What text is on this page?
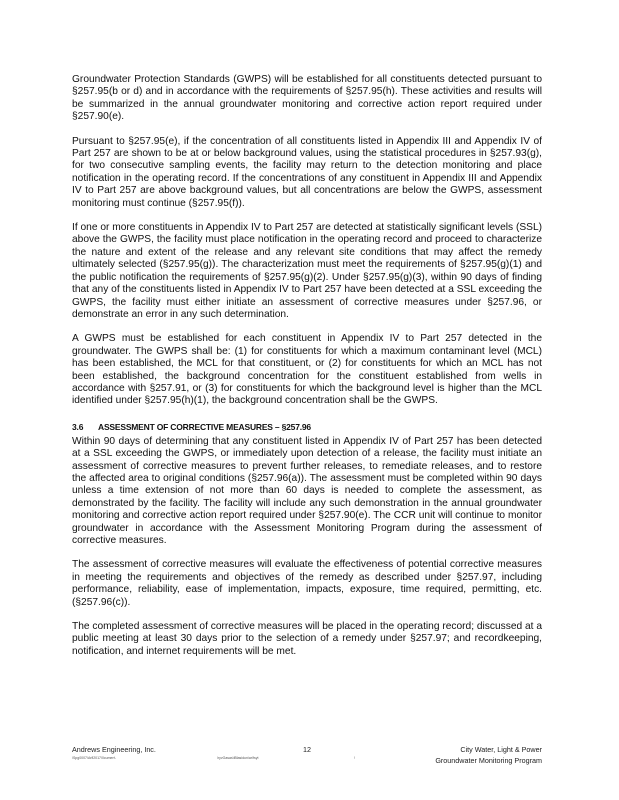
Groundwater Protection Standards (GWPS) will be established for all constituents detected pursuant to §257.95(b or d) and in accordance with the requirements of §257.95(h). These activities and results will be summarized in the annual groundwater monitoring and corrective action report required under §257.90(e).

Pursuant to §257.95(e), if the concentration of all constituents listed in Appendix III and Appendix IV of Part 257 are shown to be at or below background values, using the statistical procedures in §257.93(g), for two consecutive sampling events, the facility may return to the detection monitoring and place notification in the operating record. If the concentrations of any constituent in Appendix III and Appendix IV to Part 257 are above background values, but all concentrations are below the GWPS, assessment monitoring must continue (§257.95(f)).

If one or more constituents in Appendix IV to Part 257 are detected at statistically significant levels (SSL) above the GWPS, the facility must place notification in the operating record and proceed to characterize the nature and extent of the release and any relevant site conditions that may affect the remedy ultimately selected (§257.95(g)). The characterization must meet the requirements of §257.95(g)(1) and the public notification the requirements of §257.95(g)(2). Under §257.95(g)(3), within 90 days of finding that any of the constituents listed in Appendix IV to Part 257 have been detected at a SSL exceeding the GWPS, the facility must either initiate an assessment of corrective measures under §257.96, or demonstrate an error in any such determination.

A GWPS must be established for each constituent in Appendix IV to Part 257 detected in the groundwater. The GWPS shall be: (1) for constituents for which a maximum contaminant level (MCL) has been established, the MCL for that constituent, or (2) for constituents for which an MCL has not been established, the background concentration for the constituent established from wells in accordance with §257.91, or (3) for constituents for which the background level is higher than the MCL identified under §257.95(h)(1), the background concentration shall be the GWPS.

3.6 ASSESSMENT OF CORRECTIVE MEASURES – §257.96

Within 90 days of determining that any constituent listed in Appendix IV of Part 257 has been detected at a SSL exceeding the GWPS, or immediately upon detection of a release, the facility must initiate an assessment of corrective measures to prevent further releases, to remediate releases, and to restore the affected area to original conditions (§257.96(a)). The assessment must be completed within 90 days unless a time extension of not more than 60 days is needed to complete the assessment, as demonstrated by the facility. The facility will include any such demonstration in the annual groundwater monitoring and corrective action report required under §257.90(e). The CCR unit will continue to monitor groundwater in accordance with the Assessment Monitoring Program during the assessment of corrective measures.

The assessment of corrective measures will evaluate the effectiveness of potential corrective measures in meeting the requirements and objectives of the remedy as described under §257.97, including performance, reliability, ease of implementation, impacts, exposure, time required, permitting, etc. (§257.96(c)).

The completed assessment of corrective measures will be placed in the operating record; discussed at a public meeting at least 30 days prior to the selection of a remedy under §257.97; and recordkeeping, notification, and internet requirements will be met.

Andrews Engineering, Inc.	12	City Water, Light & Power
\Spg0007\Arfl2017\0cumen\	\ryvGasas\lBlasidun\ar\fsyt	!	Groundwater Monitoring Program
